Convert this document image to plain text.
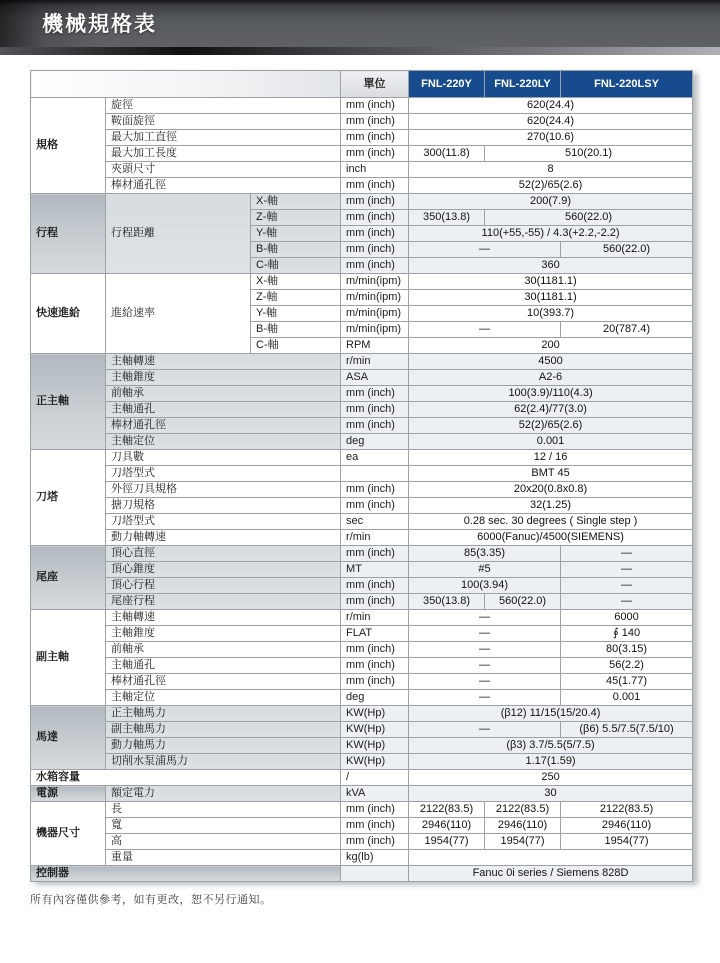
機械規格表
			單位	FNL-220Y	FNL-220LY	FNL-220LSY
規格	旋徑		mm (inch)	620(24.4)		
	鞍面旋徑		mm (inch)	620(24.4)		
	最大加工直徑		mm (inch)	270(10.6)		
	最大加工長度		mm (inch)	300(11.8)	510(20.1)	
	夾頭尺寸		inch	8		
	棒材通孔徑		mm (inch)	52(2)/65(2.6)		
行程	行程距離	X-軸	mm (inch)	200(7.9)		
		Z-軸	mm (inch)	350(13.8)	560(22.0)	
		Y-軸	mm (inch)	110(+55,-55) / 4.3(+2.2,-2.2)		
		B-軸	mm (inch)	—		560(22.0)
		C-軸	mm (inch)	360		
快速進給	進給速率	X-軸	m/min(ipm)	30(1181.1)		
		Z-軸	m/min(ipm)	30(1181.1)		
		Y-軸	m/min(ipm)	10(393.7)		
		B-軸	m/min(ipm)	—		20(787.4)
		C-軸	RPM	200		
正主軸	主軸轉速		r/min	4500		
	主軸錐度		ASA	A2-6		
	前軸承		mm (inch)	100(3.9)/110(4.3)		
	主軸通孔		mm (inch)	62(2.4)/77(3.0)		
	棒材通孔徑		mm (inch)	52(2)/65(2.6)		
	主軸定位		deg	0.001		
刀塔	刀具數		ea	12 / 16		
	刀塔型式			BMT 45		
	外徑刀具規格		mm (inch)	20x20(0.8x0.8)		
	搪刀規格		mm (inch)	32(1.25)		
	刀塔型式		sec	0.28 sec. 30 degrees ( Single step )		
	動力軸轉速		r/min	6000(Fanuc)/4500(SIEMENS)		
尾座	頂心直徑		mm (inch)	85(3.35)		—
	頂心錐度		MT	#5		—
	頂心行程		mm (inch)	100(3.94)		—
	尾座行程		mm (inch)	350(13.8)	560(22.0)	—
副主軸	主軸轉速		r/min	—		6000
	主軸錐度		FLAT	—		∮ 140
	前軸承		mm (inch)	—		80(3.15)
	主軸通孔		mm (inch)	—		56(2.2)
	棒材通孔徑		mm (inch)	—		45(1.77)
	主軸定位		deg	—		0.001
馬達	正主軸馬力		KW(Hp)	(β12) 11/15(15/20.4)		
	副主軸馬力		KW(Hp)	—		(β6) 5.5/7.5(7.5/10)
	動力軸馬力		KW(Hp)	(β3) 3.7/5.5(5/7.5)		
	切削水泵浦馬力		KW(Hp)	1.17(1.59)		
水箱容量			/	250		
電源	額定電力		kVA	30		
機器尺寸	長		mm (inch)	2122(83.5)	2122(83.5)	2122(83.5)
	寬		mm (inch)	2946(110)	2946(110)	2946(110)
	高		mm (inch)	1954(77)	1954(77)	1954(77)
	重量		kg(lb)			
控制器				Fanuc 0i series / Siemens 828D		
所有內容僅供參考，如有更改，恕不另行通知。
